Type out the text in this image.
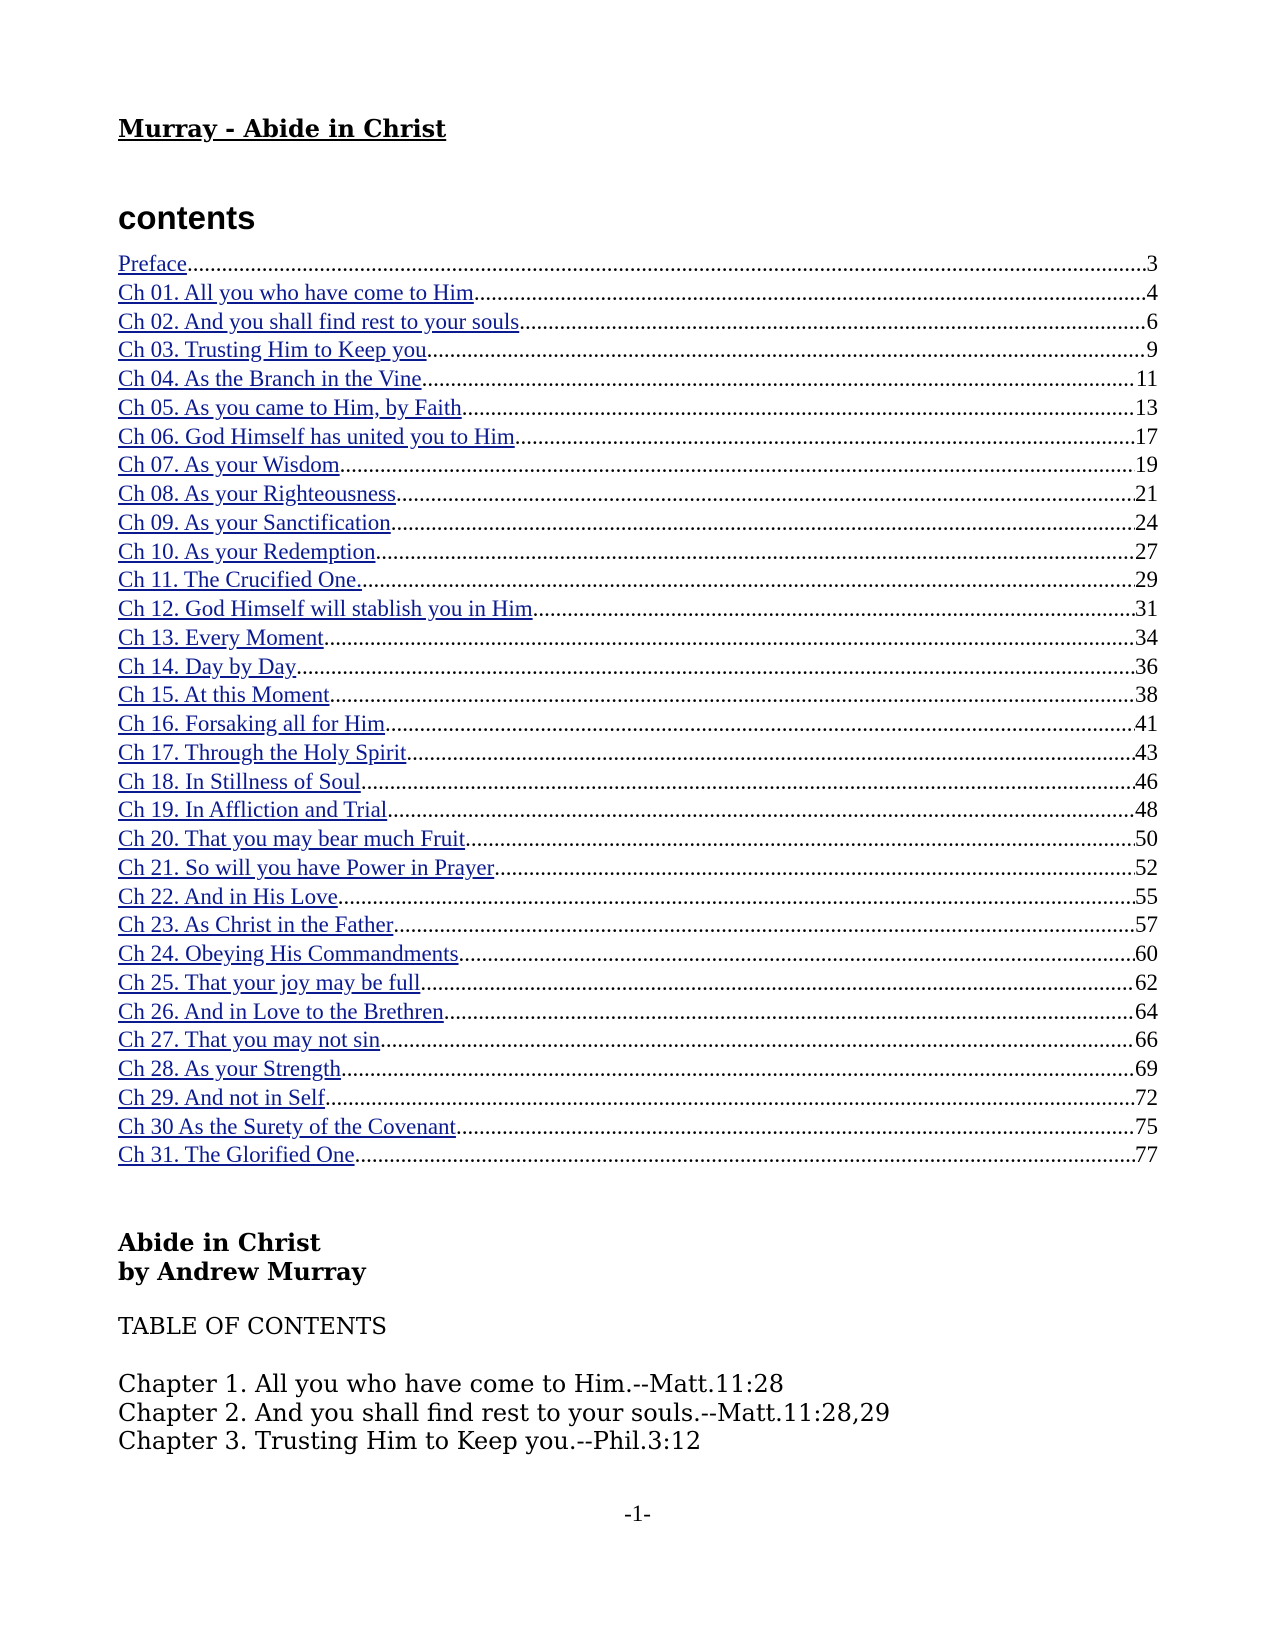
Murray - Abide in Christ
contents
Preface .....	3
Ch 01. All you who have come to Him .....	4
Ch 02. And you shall find rest to your souls .....	6
Ch 03. Trusting Him to Keep you .....	9
Ch 04. As the Branch in the Vine .....	11
Ch 05. As you came to Him, by Faith .....	13
Ch 06. God Himself has united you to Him .....	17
Ch 07. As your Wisdom .....	19
Ch 08. As your Righteousness .....	21
Ch 09. As your Sanctification .....	24
Ch 10. As your Redemption .....	27
Ch 11. The Crucified One. .....	29
Ch 12. God Himself will stablish you in Him .....	31
Ch 13. Every Moment .....	34
Ch 14. Day by Day .....	36
Ch 15. At this Moment .....	38
Ch 16. Forsaking all for Him .....	41
Ch 17. Through the Holy Spirit .....	43
Ch 18. In Stillness of Soul .....	46
Ch 19. In Affliction and Trial .....	48
Ch 20. That you may bear much Fruit .....	50
Ch 21. So will you have Power in Prayer .....	52
Ch 22. And in His Love .....	55
Ch 23. As Christ in the Father .....	57
Ch 24. Obeying His Commandments .....	60
Ch 25. That your joy may be full .....	62
Ch 26. And in Love to the Brethren .....	64
Ch 27. That you may not sin .....	66
Ch 28. As your Strength .....	69
Ch 29. And not in Self .....	72
Ch 30 As the Surety of the Covenant .....	75
Ch 31. The Glorified One .....	77
Abide in Christ
by Andrew Murray
TABLE OF CONTENTS
Chapter 1. All you who have come to Him.--Matt.11:28
Chapter 2. And you shall find rest to your souls.--Matt.11:28,29
Chapter 3. Trusting Him to Keep you.--Phil.3:12
-1-
